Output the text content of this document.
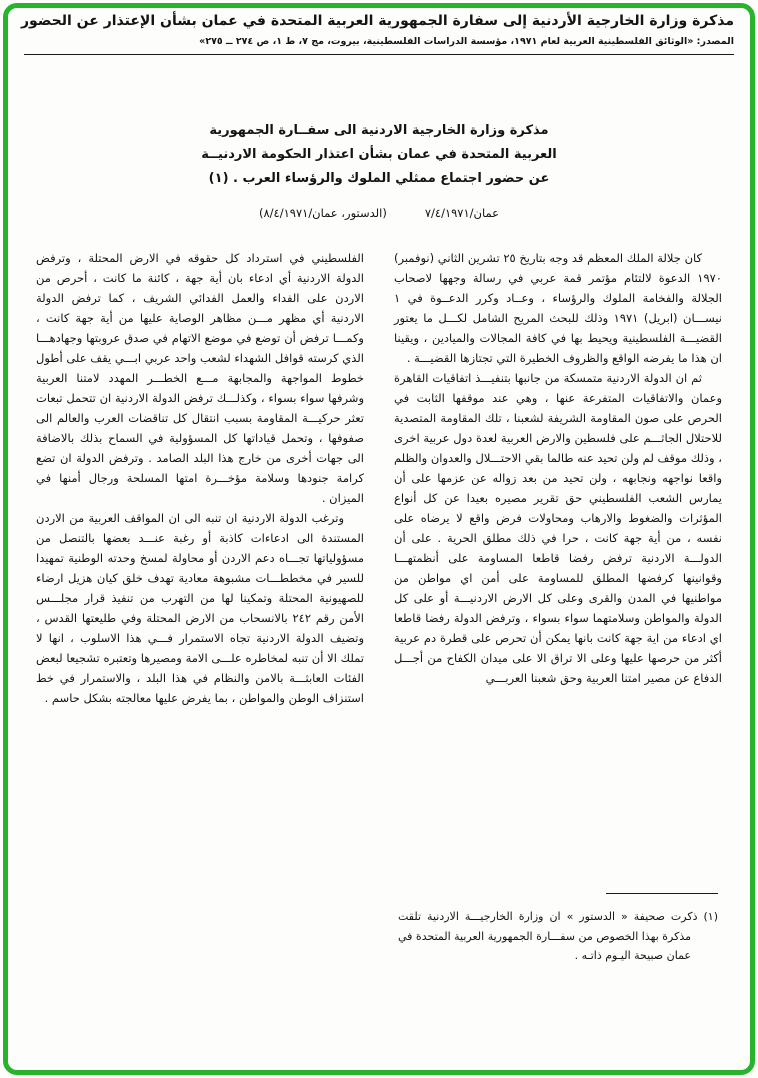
مذكرة وزارة الخارجية الأردنية إلى سفارة الجمهورية العربية المتحدة في عمان بشأن الإعتذار عن الحضور
المصدر: «الوثائق الفلسطينية العربية لعام ١٩٧١، مؤسسة الدراسات الفلسطينية، بيروت، مج ٧، ط ١، ص ٢٧٤ ــ ٢٧٥»
مذكرة وزارة الخارجية الاردنية الى سفــارة الجمهورية
العربية المتحدة في عمان بشأن اعتذار الحكومة الاردنيــة
عن حضور اجتماع ممثلي الملوك والرؤساء العرب . (١)
عمان/٧/٤/١٩٧١
(الدستور، عمان/٨/٤/١٩٧١)

كان جلالة الملك المعظم قد وجه بتاريخ ٢٥ تشرين الثاني (نوفمبر) ١٩٧٠ الدعوة لالتئام مؤتمر قمة عربي في رسالة وجهها لاصحاب الجلالة والفخامة الملوك والرؤساء ، وعــاد وكرر الدعــوة في ١ نيســـان (ابريل) ١٩٧١ وذلك للبحث المريح الشامل لكـــل ما يعتور القضيـــة الفلسطينية ويحيط بها في كافة المجالات والميادين ، ويقينا ان هذا ما يفرضه الواقع والظروف الخطيرة التي تجتازها القضيـــة .

ثم ان الدولة الاردنية متمسكة من جانبها بتنفيـــذ اتفاقيات القاهرة وعمان والاتفاقيات المتفرعة عنها ، وهي عند موقفها الثابت في الحرص على صون المقاومة الشريفة لشعبنا ، تلك المقاومة المتصدية للاحتلال الجاثـــم على فلسطين والارض العربية لعدة دول عربية اخرى ، وذلك موقف لم ولن تحيد عنه طالما بقي الاحتـــلال والعدوان والظلم واقعا نواجهه ونجابهه ، ولن تحيد من بعد زواله عن عزمها على أن يمارس الشعب الفلسطيني حق تقرير مصيره بعيدا عن كل أنواع المؤثرات والضغوط والارهاب ومحاولات فرض واقع لا يرضاه على نفسه ، من أية جهة كانت ، حرا في ذلك مطلق الحرية . على أن الدولـــة الاردنية ترفض رفضا قاطعا المساومة على أنظمتهـــا وقوانينها كرفضها المطلق للمساومة على أمن اي مواطن من مواطنيها في المدن والقرى وعلى كل الارض الاردنيـــة أو على كل الدولة والمواطن وسلامتهما سواء بسواء ، وترفض الدولة رفضا قاطعا اي ادعاء من اية جهة كانت بانها يمكن أن تحرص على قطرة دم عربية أكثر من حرصها عليها وعلى الا تراق الا على ميدان الكفاح من أجـــل الدفاع عن مصير امتنا العربية وحق شعبنا العربـــي

الفلسطيني في استرداد كل حقوقه في الارض المحتلة ، وترفض الدولة الاردنية أي ادعاء بان أية جهة ، كائنة ما كانت ، أحرص من الاردن على الفداء والعمل الفدائي الشريف ، كما ترفض الدولة الاردنية أي مظهر مـــن مظاهر الوصاية عليها من أية جهة كانت ، وكمـــا ترفض أن توضع في موضع الاتهام في صدق عروبتها وجهادهـــا الذي كرسته قوافل الشهداء لشعب واحد عربي ابـــي يقف على أطول خطوط المواجهة والمجابهة مـــع الخطـــر المهدد لامتنا العربية وشرفها سواء بسواء ، وكذلـــك ترفض الدولة الاردنية ان تتحمل تبعات تعثر حركيـــة المقاومة بسبب انتقال كل تناقضات العرب والعالم الى صفوفها ، وتحمل قياداتها كل المسؤولية في السماح بذلك بالاضافة الى جهات أخرى من خارج هذا البلد الصامد . وترفض الدولة ان تضع كرامة جنودها وسلامة مؤخـــرة امتها المسلحة ورجال أمنها في الميزان .

وترغب الدولة الاردنية ان تنبه الى ان المواقف العربية من الاردن المستندة الى ادعاءات كاذبة أو رغبة عنـــد بعضها بالتنصل من مسؤولياتها تجـــاه دعم الاردن أو محاولة لمسخ وحدته الوطنية تمهيدا للسير في مخططـــات مشبوهة معادية تهدف خلق كيان هزيل ارضاء للصهيونية المحتلة وتمكينا لها من التهرب من تنفيذ قرار مجلـــس الأمن رقم ٢٤٢ بالانسحاب من الارض المحتلة وفي طليعتها القدس ، وتضيف الدولة الاردنية تجاه الاستمرار فـــي هذا الاسلوب ، انها لا تملك الا أن تنبه لمخاطره علـــى الامة ومصيرها وتعتبره تشجيعا لبعض الفئات العابثـــة بالامن والنظام في هذا البلد ، والاستمرار في خط استنزاف الوطن والمواطن ، بما يفرض عليها معالجته بشكل حاسم .

(١) ذكرت صحيفة « الدستور » ان وزارة الخارجيـــة الاردنية تلقت مذكرة بهذا الخصوص من سفـــارة الجمهورية العربية المتحدة في عمان صبيحة اليـوم ذاتـه .
